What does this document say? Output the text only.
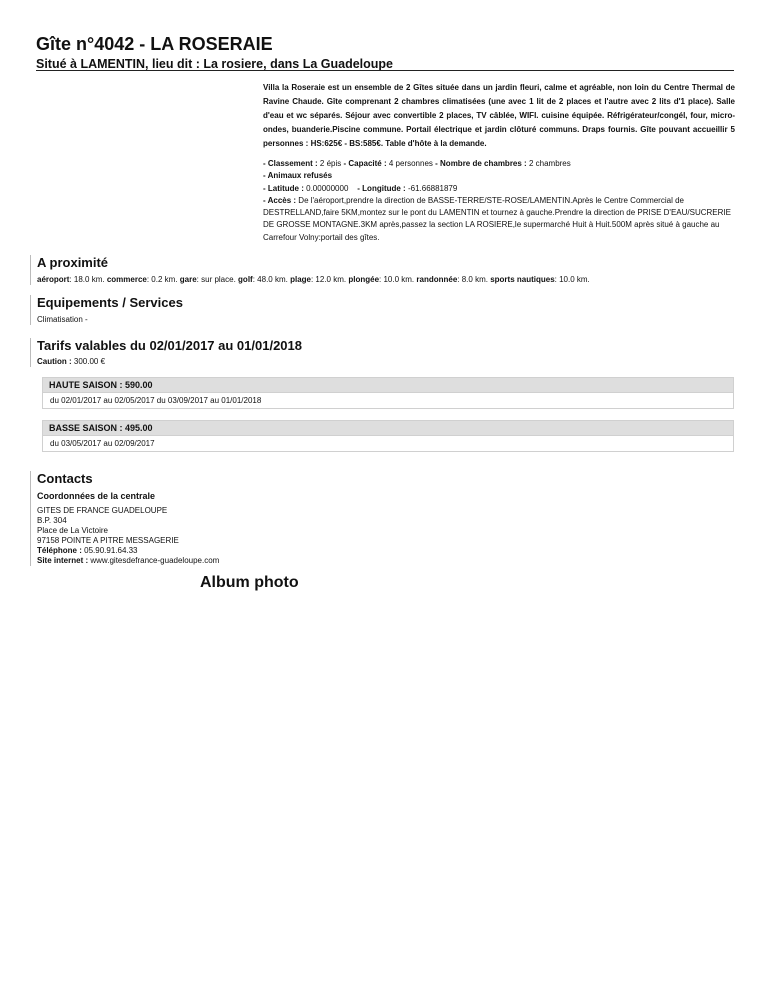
Gîte n°4042 - LA ROSERAIE
Situé à LAMENTIN, lieu dit : La rosiere, dans La Guadeloupe

Villa la Roseraie est un ensemble de 2 Gîtes située dans un jardin fleuri, calme et agréable, non loin du Centre Thermal de Ravine Chaude. Gîte comprenant 2 chambres climatisées (une avec 1 lit de 2 places et l'autre avec 2 lits d'1 place). Salle d'eau et wc séparés. Séjour avec convertible 2 places, TV câblée, WIFI. cuisine équipée. Réfrigérateur/congél, four, micro-ondes, buanderie.Piscine commune. Portail électrique et jardin clôturé communs. Draps fournis. Gîte pouvant accueillir 5 personnes : HS:625€ - BS:585€. Table d'hôte à la demande.

- Classement : 2 épis - Capacité : 4 personnes - Nombre de chambres : 2 chambres

- Animaux refusés

- Latitude : 0.00000000 - Longitude : -61.66881879

- Accès : De l'aéroport,prendre la direction de BASSE-TERRE/STE-ROSE/LAMENTIN.Après le Centre Commercial de DESTRELLAND,faire 5KM,montez sur le pont du LAMENTIN et tournez à gauche.Prendre la direction de PRISE D'EAU/SUCRERIE DE GROSSE MONTAGNE.3KM après,passez la section LA ROSIERE,le supermarché Huit à Huit.500M après situé à gauche au Carrefour Volny:portail des gîtes.

A proximité
aéroport: 18.0 km. commerce: 0.2 km. gare: sur place. golf: 48.0 km. plage: 12.0 km. plongée: 10.0 km. randonnée: 8.0 km. sports nautiques: 10.0 km.
Equipements / Services
Climatisation -
Tarifs valables du 02/01/2017 au 01/01/2018
Caution : 300.00 €
HAUTE SAISON : 590.00
du 02/01/2017 au 02/05/2017 du 03/09/2017 au 01/01/2018
BASSE SAISON : 495.00
du 03/05/2017 au 02/09/2017
Contacts
Coordonnées de la centrale
GITES DE FRANCE GUADELOUPE
B.P. 304
Place de La Victoire
97158 POINTE A PITRE MESSAGERIE
Téléphone : 05.90.91.64.33
Site internet : www.gitesdefrance-guadeloupe.com
Album photo
